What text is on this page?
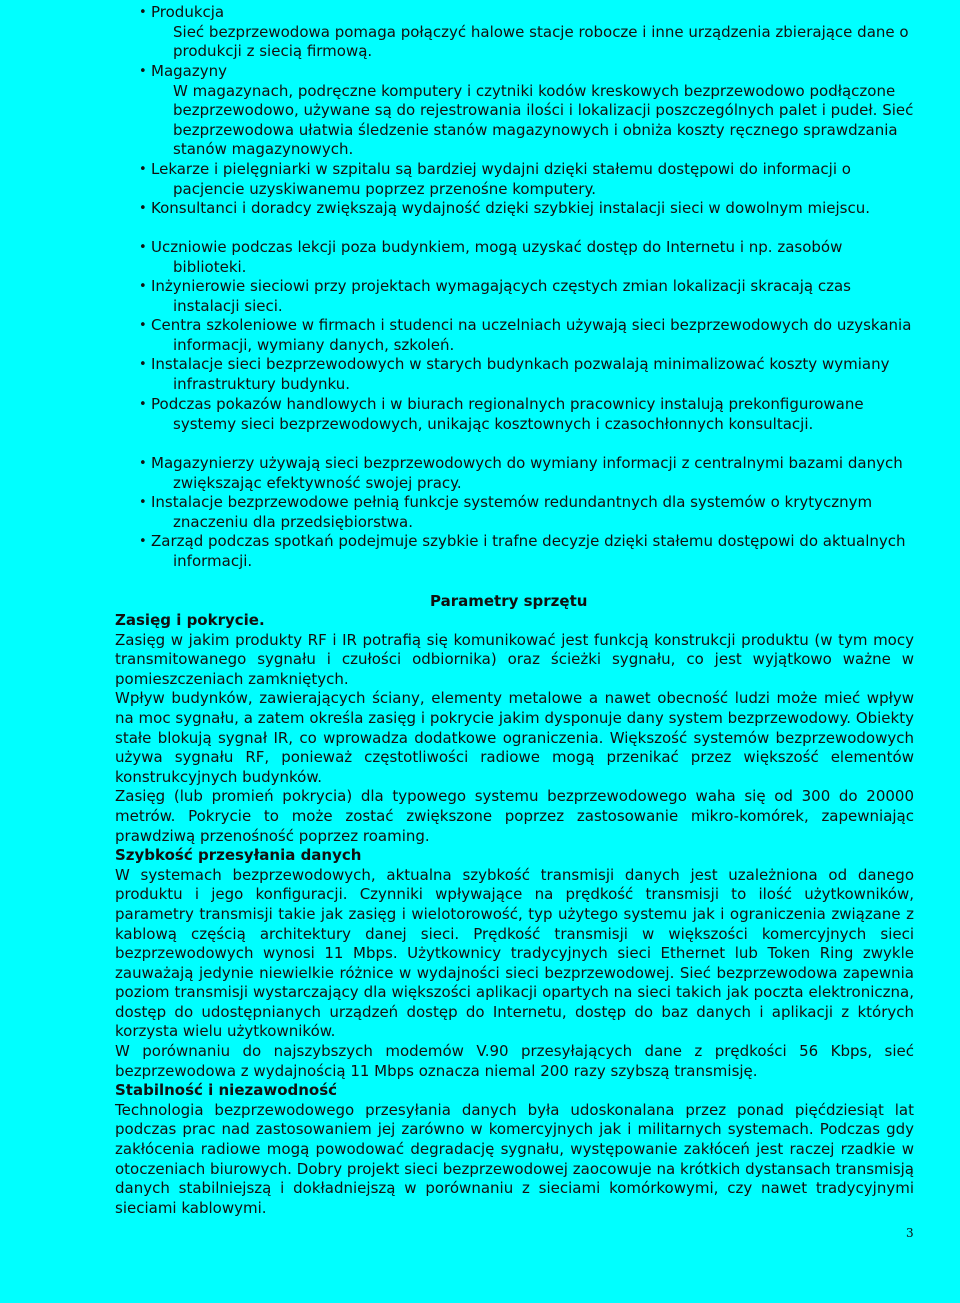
• Produkcja
Sieć bezprzewodowa pomaga połączyć halowe stacje robocze i inne urządzenia zbierające dane o produkcji z siecią firmową.
• Magazyny
W magazynach, podręczne komputery i czytniki kodów kreskowych bezprzewodowo podłączone bezprzewodowo, używane są do rejestrowania ilości i lokalizacji poszczególnych palet i pudeł. Sieć bezprzewodowa ułatwia śledzenie stanów magazynowych i obniża koszty ręcznego sprawdzania stanów magazynowych.
• Lekarze i pielęgniarki w szpitalu są bardziej wydajni dzięki stałemu dostępowi do informacji o pacjencie uzyskiwanemu poprzez przenośne komputery.
• Konsultanci i doradcy zwiększają wydajność dzięki szybkiej instalacji sieci w dowolnym miejscu.
• Uczniowie podczas lekcji poza budynkiem, mogą uzyskać dostęp do Internetu i np. zasobów biblioteki.
• Inżynierowie sieciowi przy projektach wymagających częstych zmian lokalizacji skracają czas instalacji sieci.
• Centra szkoleniowe w firmach i studenci na uczelniach używają sieci bezprzewodowych do uzyskania informacji, wymiany danych, szkoleń.
• Instalacje sieci bezprzewodowych w starych budynkach pozwalają minimalizować koszty wymiany infrastruktury budynku.
• Podczas pokazów handlowych i w biurach regionalnych pracownicy instalują prekonfigurowane systemy sieci bezprzewodowych, unikając kosztownych i czasochłonnych konsultacji.
• Magazynierzy używają sieci bezprzewodowych do wymiany informacji z centralnymi bazami danych zwiększając efektywność swojej pracy.
• Instalacje bezprzewodowe pełnią funkcje systemów redundantnych dla systemów o krytycznym znaczeniu dla przedsiębiorstwa.
• Zarząd podczas spotkań podejmuje szybkie i trafne decyzje dzięki stałemu dostępowi do aktualnych informacji.
Parametry sprzętu
Zasięg i pokrycie.
Zasięg w jakim produkty RF i IR potrafią się komunikować jest funkcją konstrukcji produktu (w tym mocy transmitowanego sygnału i czułości odbiornika) oraz ścieżki sygnału, co jest wyjątkowo ważne w pomieszczeniach zamkniętych.
Wpływ budynków, zawierających ściany, elementy metalowe a nawet obecność ludzi może mieć wpływ na moc sygnału, a zatem określa zasięg i pokrycie jakim dysponuje dany system bezprzewodowy. Obiekty stałe blokują sygnał IR, co wprowadza dodatkowe ograniczenia. Większość systemów bezprzewodowych używa sygnału RF, ponieważ częstotliwości radiowe mogą przenikać przez większość elementów konstrukcyjnych budynków.
Zasięg (lub promień pokrycia) dla typowego systemu bezprzewodowego waha się od 300 do 20000 metrów. Pokrycie to może zostać zwiększone poprzez zastosowanie mikro-komórek, zapewniając prawdziwą przenośność poprzez roaming.
Szybkość przesyłania danych
W systemach bezprzewodowych, aktualna szybkość transmisji danych jest uzależniona od danego produktu i jego konfiguracji. Czynniki wpływające na prędkość transmisji to ilość użytkowników, parametry transmisji takie jak zasięg i wielotorowość, typ użytego systemu jak i ograniczenia związane z kablową częścią architektury danej sieci. Prędkość transmisji w większości komercyjnych sieci bezprzewodowych wynosi 11 Mbps. Użytkownicy tradycyjnych sieci Ethernet lub Token Ring zwykle zauważają jedynie niewielkie różnice w wydajności sieci bezprzewodowej. Sieć bezprzewodowa zapewnia poziom transmisji wystarczający dla większości aplikacji opartych na sieci takich jak poczta elektroniczna, dostęp do udostępnianych urządzeń dostęp do Internetu, dostęp do baz danych i aplikacji z których korzysta wielu użytkowników.
W porównaniu do najszybszych modemów V.90 przesyłających dane z prędkości 56 Kbps, sieć bezprzewodowa z wydajnością 11 Mbps oznacza niemal 200 razy szybszą transmisję.
Stabilność i niezawodność
Technologia bezprzewodowego przesyłania danych była udoskonalana przez ponad pięćdziesiąt lat podczas prac nad zastosowaniem jej zarówno w komercyjnych jak i militarnych systemach. Podczas gdy zakłócenia radiowe mogą powodować degradację sygnału, występowanie zakłóceń jest raczej rzadkie w otoczeniach biurowych. Dobry projekt sieci bezprzewodowej zaocowuje na krótkich dystansach transmisją danych stabilniejszą i dokładniejszą w porównaniu z sieciami komórkowymi, czy nawet tradycyjnymi sieciami kablowymi.
3
